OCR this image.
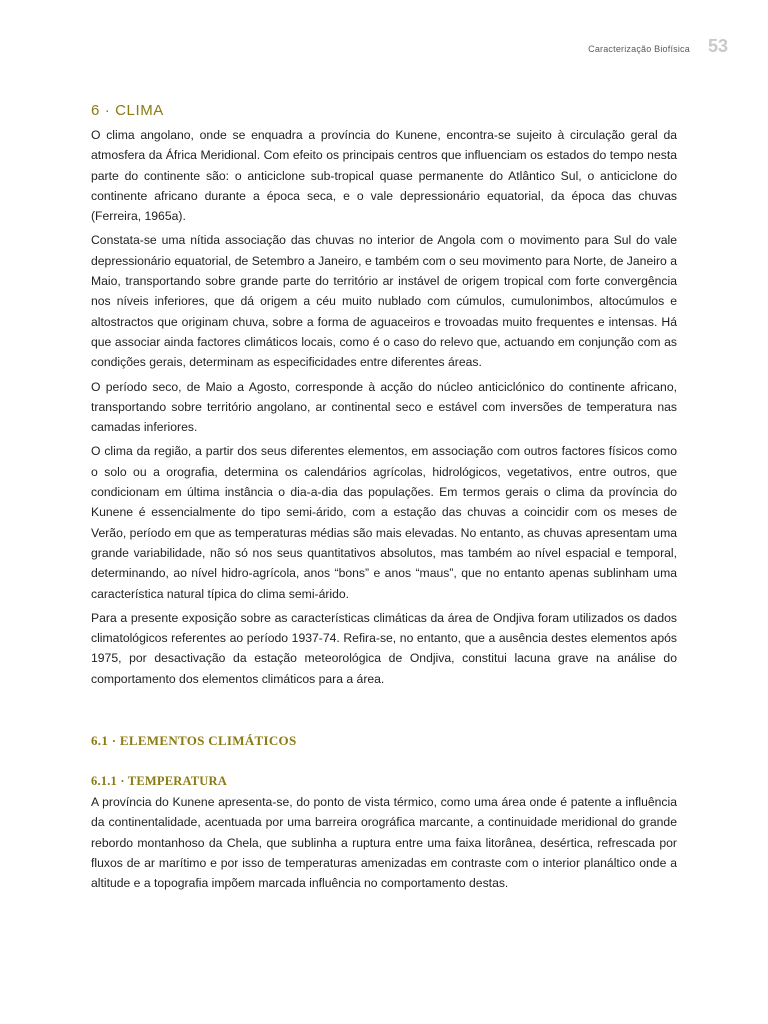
Caracterização Biofísica 53
6 · CLIMA

O clima angolano, onde se enquadra a província do Kunene, encontra-se sujeito à circulação geral da atmosfera da África Meridional. Com efeito os principais centros que influenciam os estados do tempo nesta parte do continente são: o anticiclone sub-tropical quase permanente do Atlântico Sul, o anticiclone do continente africano durante a época seca, e o vale depressionário equatorial, da época das chuvas (Ferreira, 1965a).

Constata-se uma nítida associação das chuvas no interior de Angola com o movimento para Sul do vale depressionário equatorial, de Setembro a Janeiro, e também com o seu movimento para Norte, de Janeiro a Maio, transportando sobre grande parte do território ar instável de origem tropical com forte convergência nos níveis inferiores, que dá origem a céu muito nublado com cúmulos, cumulonimbos, altocúmulos e altostractos que originam chuva, sobre a forma de aguaceiros e trovoadas muito frequentes e intensas. Há que associar ainda factores climáticos locais, como é o caso do relevo que, actuando em conjunção com as condições gerais, determinam as especificidades entre diferentes áreas.

O período seco, de Maio a Agosto, corresponde à acção do núcleo anticiclónico do continente africano, transportando sobre território angolano, ar continental seco e estável com inversões de temperatura nas camadas inferiores.

O clima da região, a partir dos seus diferentes elementos, em associação com outros factores físicos como o solo ou a orografia, determina os calendários agrícolas, hidrológicos, vegetativos, entre outros, que condicionam em última instância o dia-a-dia das populações. Em termos gerais o clima da província do Kunene é essencialmente do tipo semi-árido, com a estação das chuvas a coincidir com os meses de Verão, período em que as temperaturas médias são mais elevadas. No entanto, as chuvas apresentam uma grande variabilidade, não só nos seus quantitativos absolutos, mas também ao nível espacial e temporal, determinando, ao nível hidro-agrícola, anos “bons” e anos “maus”, que no entanto apenas sublinham uma característica natural típica do clima semi-árido.

Para a presente exposição sobre as características climáticas da área de Ondjiva foram utilizados os dados climatológicos referentes ao período 1937-74. Refira-se, no entanto, que a ausência destes elementos após 1975, por desactivação da estação meteorológica de Ondjiva, constitui lacuna grave na análise do comportamento dos elementos climáticos para a área.

6.1 · ELEMENTOS CLIMÁTICOS
6.1.1 · TEMPERATURA

A província do Kunene apresenta-se, do ponto de vista térmico, como uma área onde é patente a influência da continentalidade, acentuada por uma barreira orográfica marcante, a continuidade meridional do grande rebordo montanhoso da Chela, que sublinha a ruptura entre uma faixa litorânea, desértica, refrescada por fluxos de ar marítimo e por isso de temperaturas amenizadas em contraste com o interior planáltico onde a altitude e a topografia impõem marcada influência no comportamento destas.
